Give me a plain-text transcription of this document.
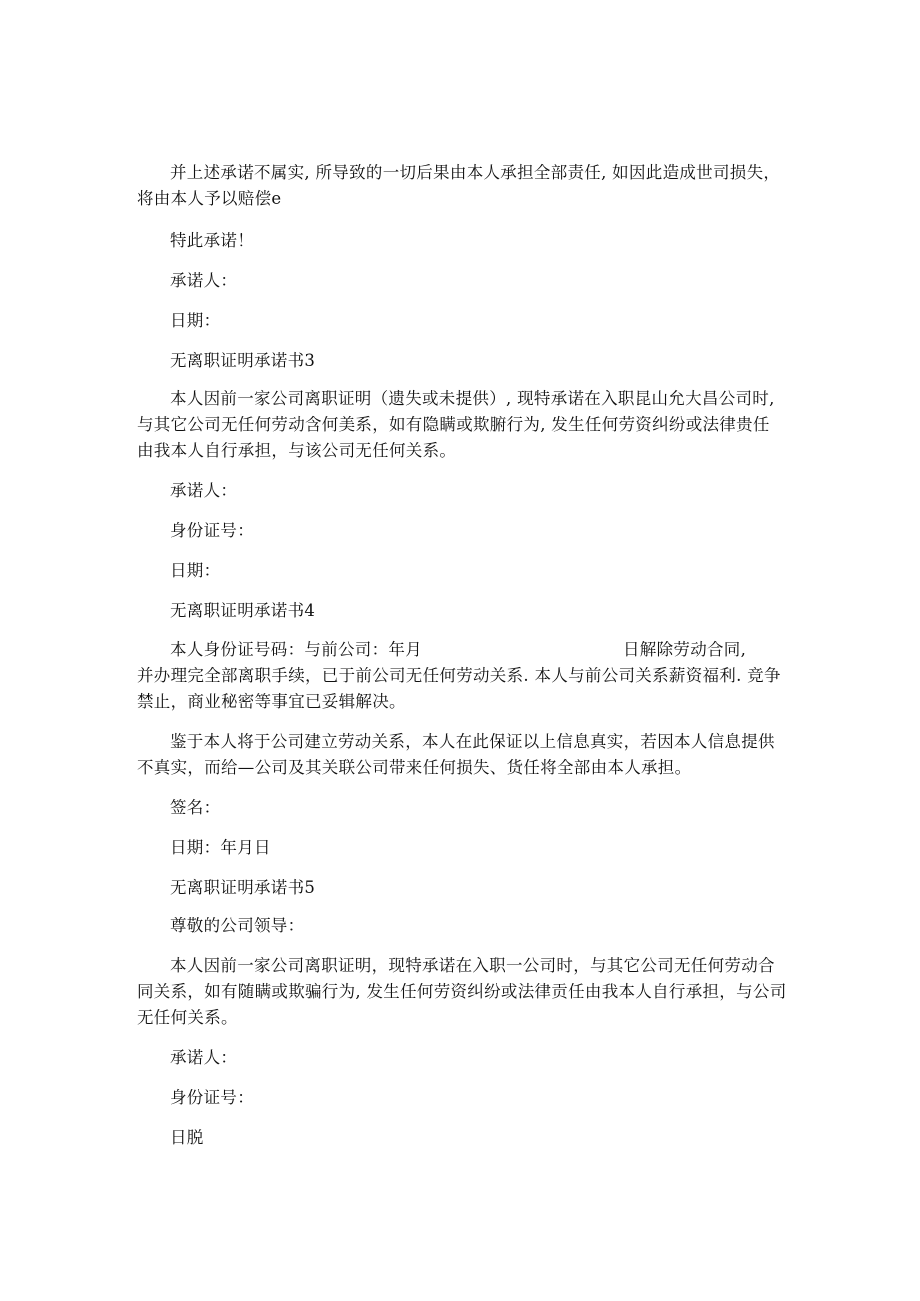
并上述承诺不属实, 所导致的一切后果由本人承担全部责任, 如因此造成世司损失，
将由本人予以赔偿e
特此承诺！
承诺人：
日期：
无离职证明承诺书3
本人因前一家公司离职证明（遗失或未提供）, 现特承诺在入职昆山允大昌公司时,
与其它公司无任何劳动含何美系，如有隐瞒或欺腑行为, 发生任何劳资纠纷或法律贵任
由我本人自行承担，与该公司无任何关系。
承诺人：
身份证号：
日期：
无离职证明承诺书4
本人身份证号码：与前公司：年月	日解除劳动合同,
并办理完全部离职手续，已于前公司无任何劳动关系. 本人与前公司关系薪资福利. 竞争
禁止，商业秘密等事宜已妥辑解决。
鉴于本人将于公司建立劳动关系，本人在此保证以上信息真实，若因本人信息提供
不真实，而给—公司及其关联公司带来任何损失、货任将全部由本人承担。
签名：
日期：年月日
无离职证明承诺书5
尊敬的公司领导：
本人因前一家公司离职证明，现特承诺在入职一公司时，与其它公司无任何劳动合
同关系，如有随瞒或欺骗行为, 发生任何劳资纠纷或法律贡任由我本人自行承担，与公司
无任何关系。
承诺人：
身份证号：
日脱
